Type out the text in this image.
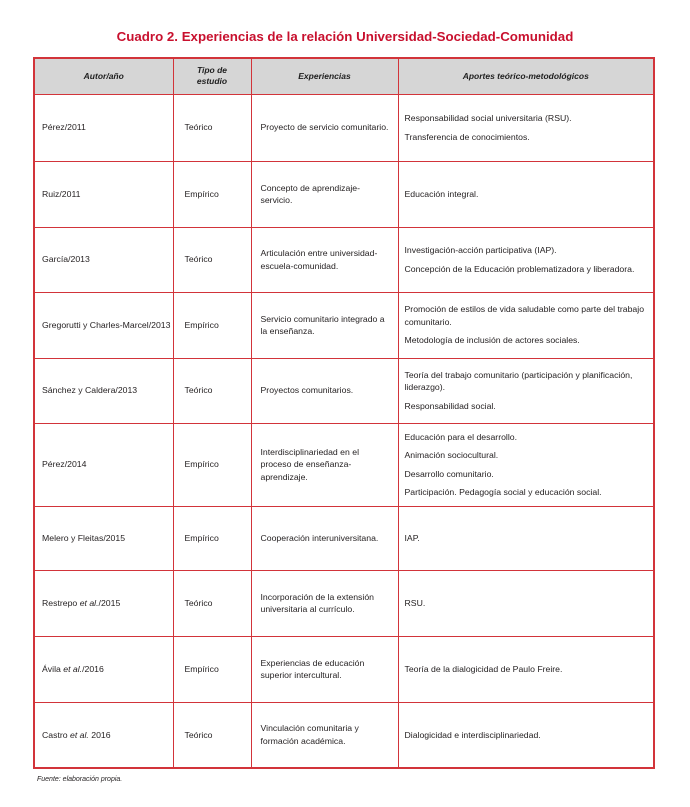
Cuadro 2. Experiencias de la relación Universidad-Sociedad-Comunidad
Autor/año	Tipo de estudio	Experiencias	Aportes teórico-metodológicos
Pérez/2011	Teórico	Proyecto de servicio comunitario.	Responsabilidad social universitaria (RSU).
Transferencia de conocimientos.

Ruiz/2011	Empírico	Concepto de aprendizaje-servicio.	Educación integral.

García/2013	Teórico	Articulación entre universidad-escuela-comunidad.	Investigación-acción participativa (IAP).
Concepción de la Educación problematizadora y liberadora.

Gregorutti y Charles-Marcel/2013	Empírico	Servicio comunitario integrado a la enseñanza.	Promoción de estilos de vida saludable como parte del trabajo comunitario.
Metodología de inclusión de actores sociales.

Sánchez y Caldera/2013	Teórico	Proyectos comunitarios.	Teoría del trabajo comunitario (participación y planificación, liderazgo).
Responsabilidad social.

Pérez/2014	Empírico	Interdisciplinariedad en el proceso de enseñanza-aprendizaje.	Educación para el desarrollo.
Animación sociocultural.
Desarrollo comunitario.
Participación. Pedagogía social y educación social.

Melero y Fleitas/2015	Empírico	Cooperación interuniversitana.	IAP.

Restrepo et al./2015	Teórico	Incorporación de la extensión universitaria al currículo.	RSU.

Ávila et al./2016	Empírico	Experiencias de educación superior intercultural.	Teoría de la dialogicidad de Paulo Freire.

Castro et al. 2016	Teórico	Vinculación comunitaria y formación académica.	Dialogicidad e interdisciplinariedad.
Fuente: elaboración propia.
